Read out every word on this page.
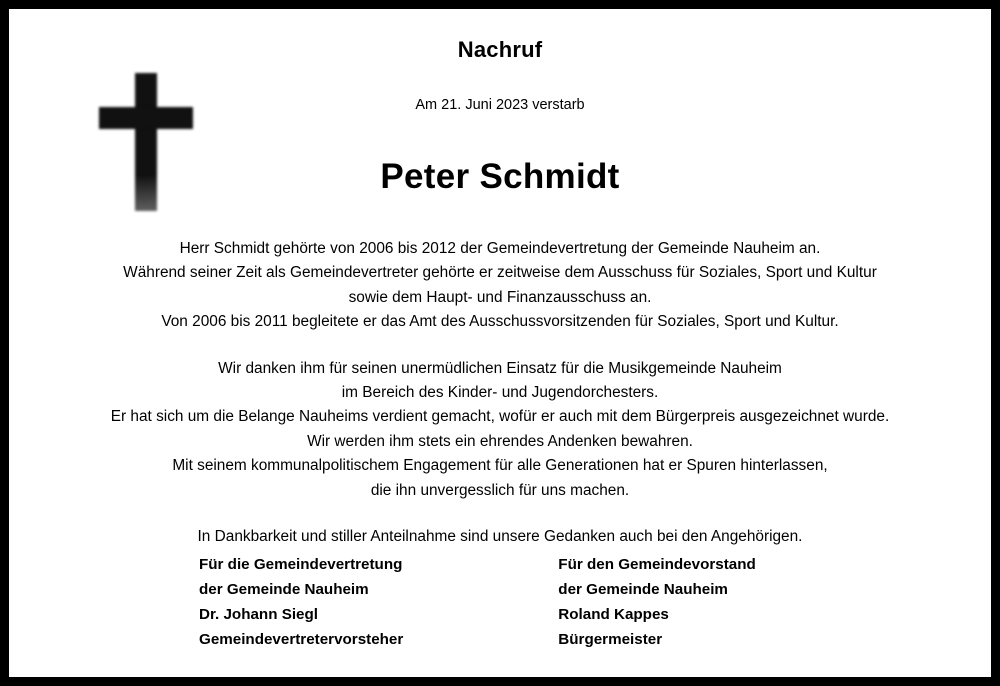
Nachruf
Am 21. Juni 2023 verstarb
Peter Schmidt

Herr Schmidt gehörte von 2006 bis 2012 der Gemeindevertretung der Gemeinde Nauheim an.
Während seiner Zeit als Gemeindevertreter gehörte er zeitweise dem Ausschuss für Soziales, Sport und Kultur
sowie dem Haupt- und Finanzausschuss an.
Von 2006 bis 2011 begleitete er das Amt des Ausschussvorsitzenden für Soziales, Sport und Kultur.

Wir danken ihm für seinen unermüdlichen Einsatz für die Musikgemeinde Nauheim
im Bereich des Kinder- und Jugendorchesters.
Er hat sich um die Belange Nauheims verdient gemacht, wofür er auch mit dem Bürgerpreis ausgezeichnet wurde.
Wir werden ihm stets ein ehrendes Andenken bewahren.
Mit seinem kommunalpolitischem Engagement für alle Generationen hat er Spuren hinterlassen,
die ihn unvergesslich für uns machen.

In Dankbarkeit und stiller Anteilnahme sind unsere Gedanken auch bei den Angehörigen.

Für die Gemeindevertretung
der Gemeinde Nauheim
Dr. Johann Siegl
Gemeindevertretervorsteher
Für den Gemeindevorstand
der Gemeinde Nauheim
Roland Kappes
Bürgermeister
